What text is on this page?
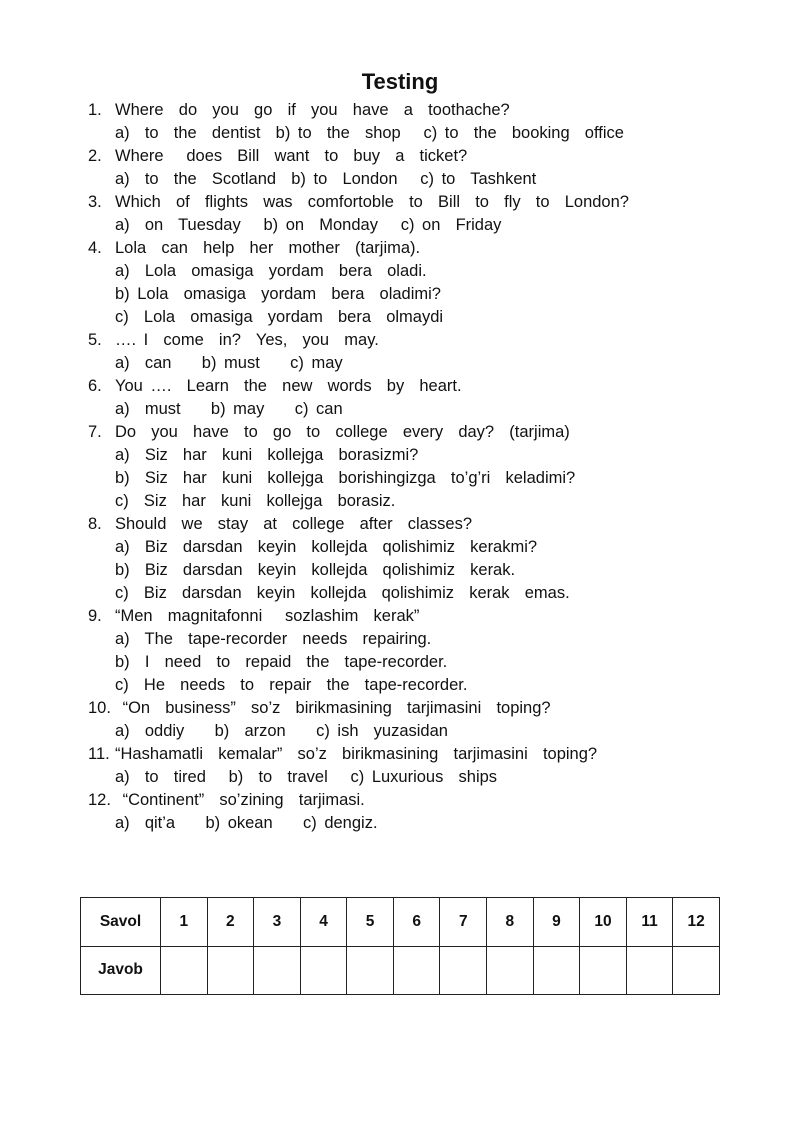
Testing
1. Where  do  you  go  if  you  have  a  toothache?
a)  to  the  dentist  b) to  the  shop   c) to  the  booking  office
2. Where   does  Bill  want  to  buy  a  ticket?
a)  to  the  Scotland  b) to  London   c) to  Tashkent
3. Which  of  flights  was  comfortoble  to  Bill  to  fly  to  London?
a)  on  Tuesday   b) on  Monday   c) on  Friday
4. Lola  can  help  her  mother  (tarjima).
a)  Lola  omasiga  yordam  bera  oladi.
b) Lola  omasiga  yordam  bera  oladimi?
c)  Lola  omasiga  yordam  bera  olmaydi
5. …. I  come  in?  Yes,  you  may.
a)  can    b) must    c) may
6. You ….  Learn  the  new  words  by  heart.
a)  must    b) may    c) can
7. Do  you  have  to  go  to  college  every  day?  (tarjima)
a)  Siz  har  kuni  kollejga  borasizmi?
b)  Siz  har  kuni  kollejga  borishingizga  to’g’ri  keladimi?
c)  Siz  har  kuni  kollejga  borasiz.
8. Should  we  stay  at  college  after  classes?
a)  Biz  darsdan  keyin  kollejda  qolishimiz  kerakmi?
b)  Biz  darsdan  keyin  kollejda  qolishimiz  kerak.
c)  Biz  darsdan  keyin  kollejda  qolishimiz  kerak  emas.
9. “Men  magnitafonni   sozlashim  kerak”
a)  The  tape-recorder  needs  repairing.
b)  I  need  to  repaid  the  tape-recorder.
c)  He  needs  to  repair  the  tape-recorder.
10. “On  business”  so’z  birikmasining  tarjimasini  toping?
a)  oddiy    b)  arzon    c) ish  yuzasidan
11. “Hashamatli  kemalar”  so’z  birikmasining  tarjimasini  toping?
a)  to  tired   b)  to  travel   c) Luxurious  ships
12. “Continent”  so’zining  tarjimasi.
a)  qit’a    b) okean    c) dengiz.
Savol	1	2	3	4	5	6	7	8	9	10	11	12
Javob												
